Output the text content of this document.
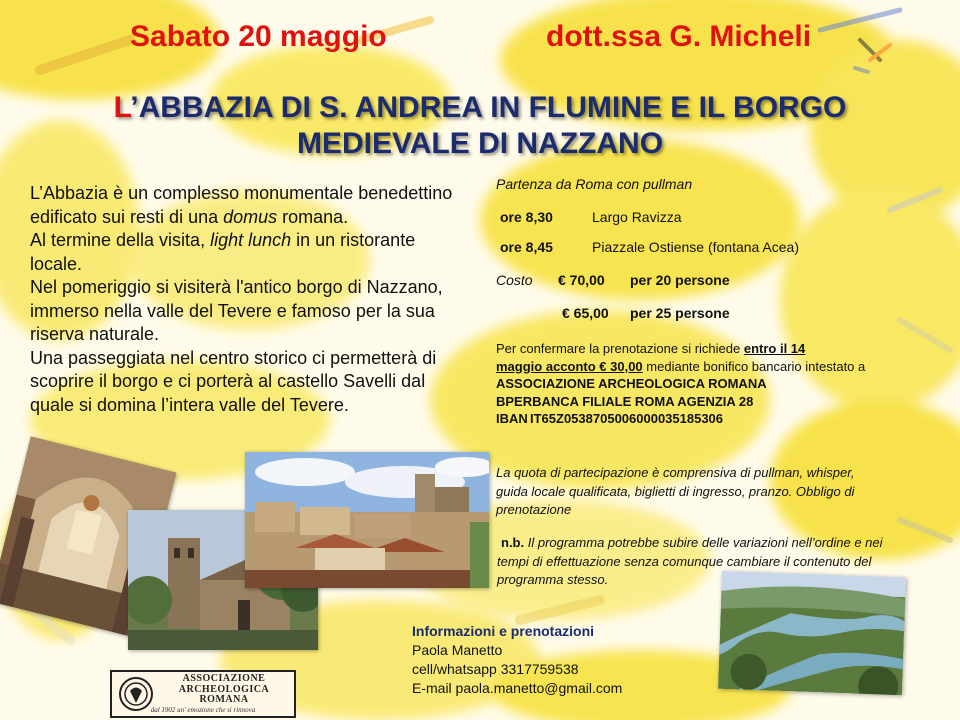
Sabato 20 maggio	dott.ssa G. Micheli
L’ABBAZIA DI S. ANDREA IN FLUMINE E IL BORGO
MEDIEVALE DI NAZZANO

L’Abbazia è un complesso monumentale benedettino edificato sui resti di una domus romana.

Al termine della visita, light lunch in un ristorante locale.

Nel pomeriggio si visiterà l'antico borgo di Nazzano, immerso nella valle del Tevere e famoso per la sua riserva naturale.

Una passeggiata nel centro storico ci permetterà di scoprire il borgo e ci porterà al castello Savelli dal quale si domina l’intera valle del Tevere.

Partenza da Roma con pullman
ore 8,30	Largo Ravizza
ore 8,45	Piazzale Ostiense (fontana Acea)
Costo € 70,00 per 20 persone
€ 65,00 per 25 persone
Per confermare la prenotazione si richiede entro il 14
maggio acconto € 30,00 mediante bonifico bancario intestato a
ASSOCIAZIONE ARCHEOLOGICA ROMANA
BPERBANCA FILIALE ROMA AGENZIA 28
IBAN IT65Z0538705006000035185306
La quota di partecipazione è comprensiva di pullman, whisper, guida locale qualificata, biglietti di ingresso, pranzo. Obbligo di prenotazione
n.b. Il programma potrebbe subire delle variazioni nell’ordine e nei tempi di effettuazione senza comunque cambiare il contenuto del programma stesso.
Informazioni e prenotazioni
Paola Manetto
cell/whatsapp 3317759538
E-mail paola.manetto@gmail.com
ASSOCIAZIONE
ARCHEOLOGICA
ROMANA
dal 1902 un' emozione che si rinnova
